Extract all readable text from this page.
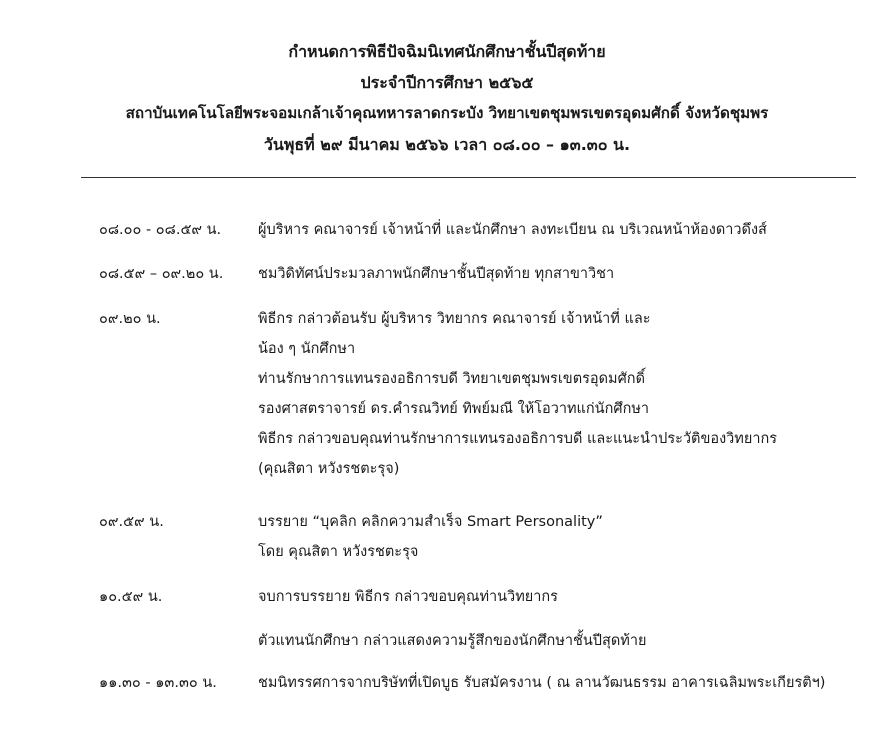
กำหนดการพิธีปัจฉิมนิเทศนักศึกษาชั้นปีสุดท้าย
ประจำปีการศึกษา ๒๕๖๕
สถาบันเทคโนโลยีพระจอมเกล้าเจ้าคุณทหารลาดกระบัง วิทยาเขตชุมพรเขตรอุดมศักดิ์ จังหวัดชุมพร
วันพุธที่ ๒๙ มีนาคม ๒๕๖๖ เวลา ๐๘.๐๐ – ๑๓.๓๐ น.
๐๘.๐๐ - ๐๘.๕๙ น.	ผู้บริหาร คณาจารย์ เจ้าหน้าที่ และนักศึกษา ลงทะเบียน ณ บริเวณหน้าห้องดาวดึงส์
๐๘.๕๙ – ๐๙.๒๐ น. ชมวิดิทัศน์ประมวลภาพนักศึกษาชั้นปีสุดท้าย ทุกสาขาวิชา
๐๙.๒๐ น.	พิธีกร กล่าวต้อนรับ ผู้บริหาร วิทยากร คณาจารย์ เจ้าหน้าที่ และ
น้อง ๆ นักศึกษา
ท่านรักษาการแทนรองอธิการบดี วิทยาเขตชุมพรเขตรอุดมศักดิ์
รองศาสตราจารย์ ดร.คำรณวิทย์ ทิพย์มณี ให้โอวาทแก่นักศึกษา
พิธีกร กล่าวขอบคุณท่านรักษาการแทนรองอธิการบดี และแนะนำประวัติของวิทยากร
(คุณสิตา หวังรชตะรุจ)
๐๙.๕๙ น.	บรรยาย “บุคลิก คลิกความสำเร็จ Smart Personality”
โดย คุณสิตา หวังรชตะรุจ
๑๐.๕๙ น.	จบการบรรยาย พิธีกร กล่าวขอบคุณท่านวิทยากร
ตัวแทนนักศึกษา กล่าวแสดงความรู้สึกของนักศึกษาชั้นปีสุดท้าย
๑๑.๓๐ - ๑๓.๓๐ น.	ชมนิทรรศการจากบริษัทที่เปิดบูธ รับสมัครงาน ( ณ ลานวัฒนธรรม อาคารเฉลิมพระเกียรติฯ)
